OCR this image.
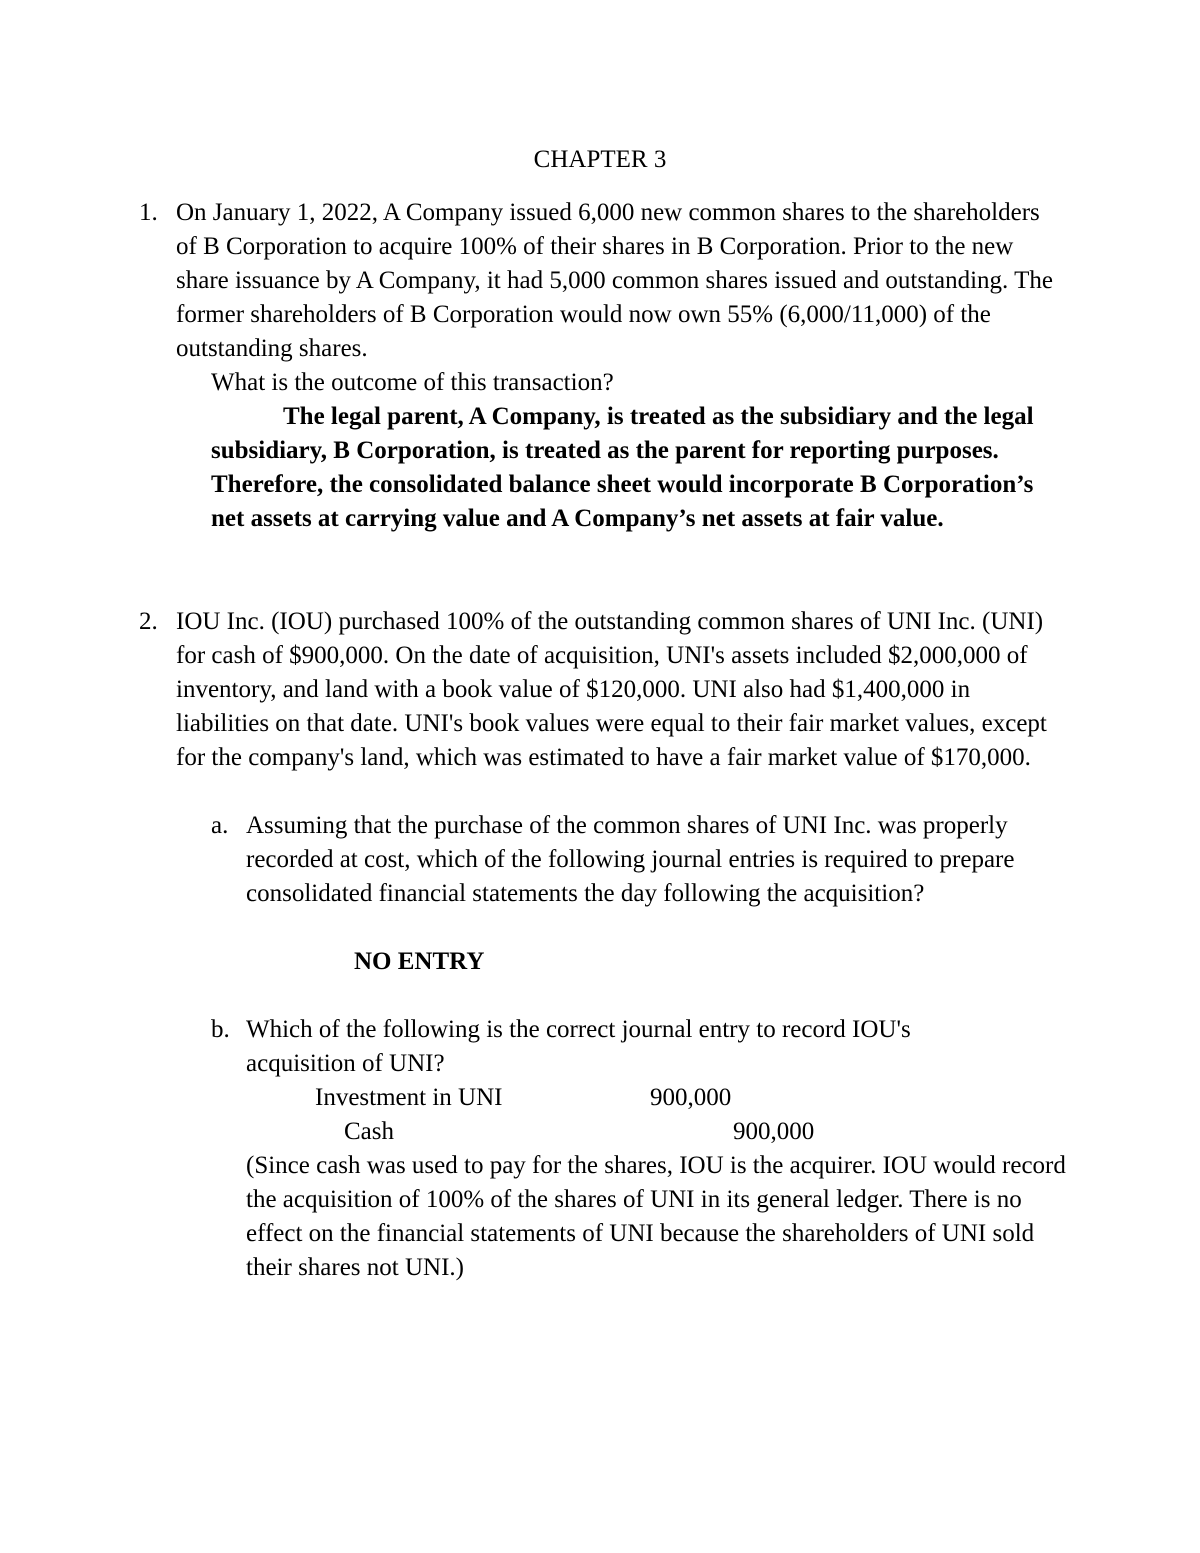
CHAPTER 3
1. On January 1, 2022, A Company issued 6,000 new common shares to the shareholders of B Corporation to acquire 100% of their shares in B Corporation. Prior to the new share issuance by A Company, it had 5,000 common shares issued and outstanding. The former shareholders of B Corporation would now own 55% (6,000/11,000) of the outstanding shares.
What is the outcome of this transaction?
The legal parent, A Company, is treated as the subsidiary and the legal subsidiary, B Corporation, is treated as the parent for reporting purposes. Therefore, the consolidated balance sheet would incorporate B Corporation’s net assets at carrying value and A Company’s net assets at fair value.
2. IOU Inc. (IOU) purchased 100% of the outstanding common shares of UNI Inc. (UNI) for cash of $900,000. On the date of acquisition, UNI's assets included $2,000,000 of inventory, and land with a book value of $120,000. UNI also had $1,400,000 in liabilities on that date. UNI's book values were equal to their fair market values, except for the company's land, which was estimated to have a fair market value of $170,000.
a. Assuming that the purchase of the common shares of UNI Inc. was properly recorded at cost, which of the following journal entries is required to prepare consolidated financial statements the day following the acquisition?
NO ENTRY
b. Which of the following is the correct journal entry to record IOU's acquisition of UNI?
Investment in UNI	900,000
Cash	900,000
(Since cash was used to pay for the shares, IOU is the acquirer. IOU would record the acquisition of 100% of the shares of UNI in its general ledger. There is no effect on the financial statements of UNI because the shareholders of UNI sold their shares not UNI.)
